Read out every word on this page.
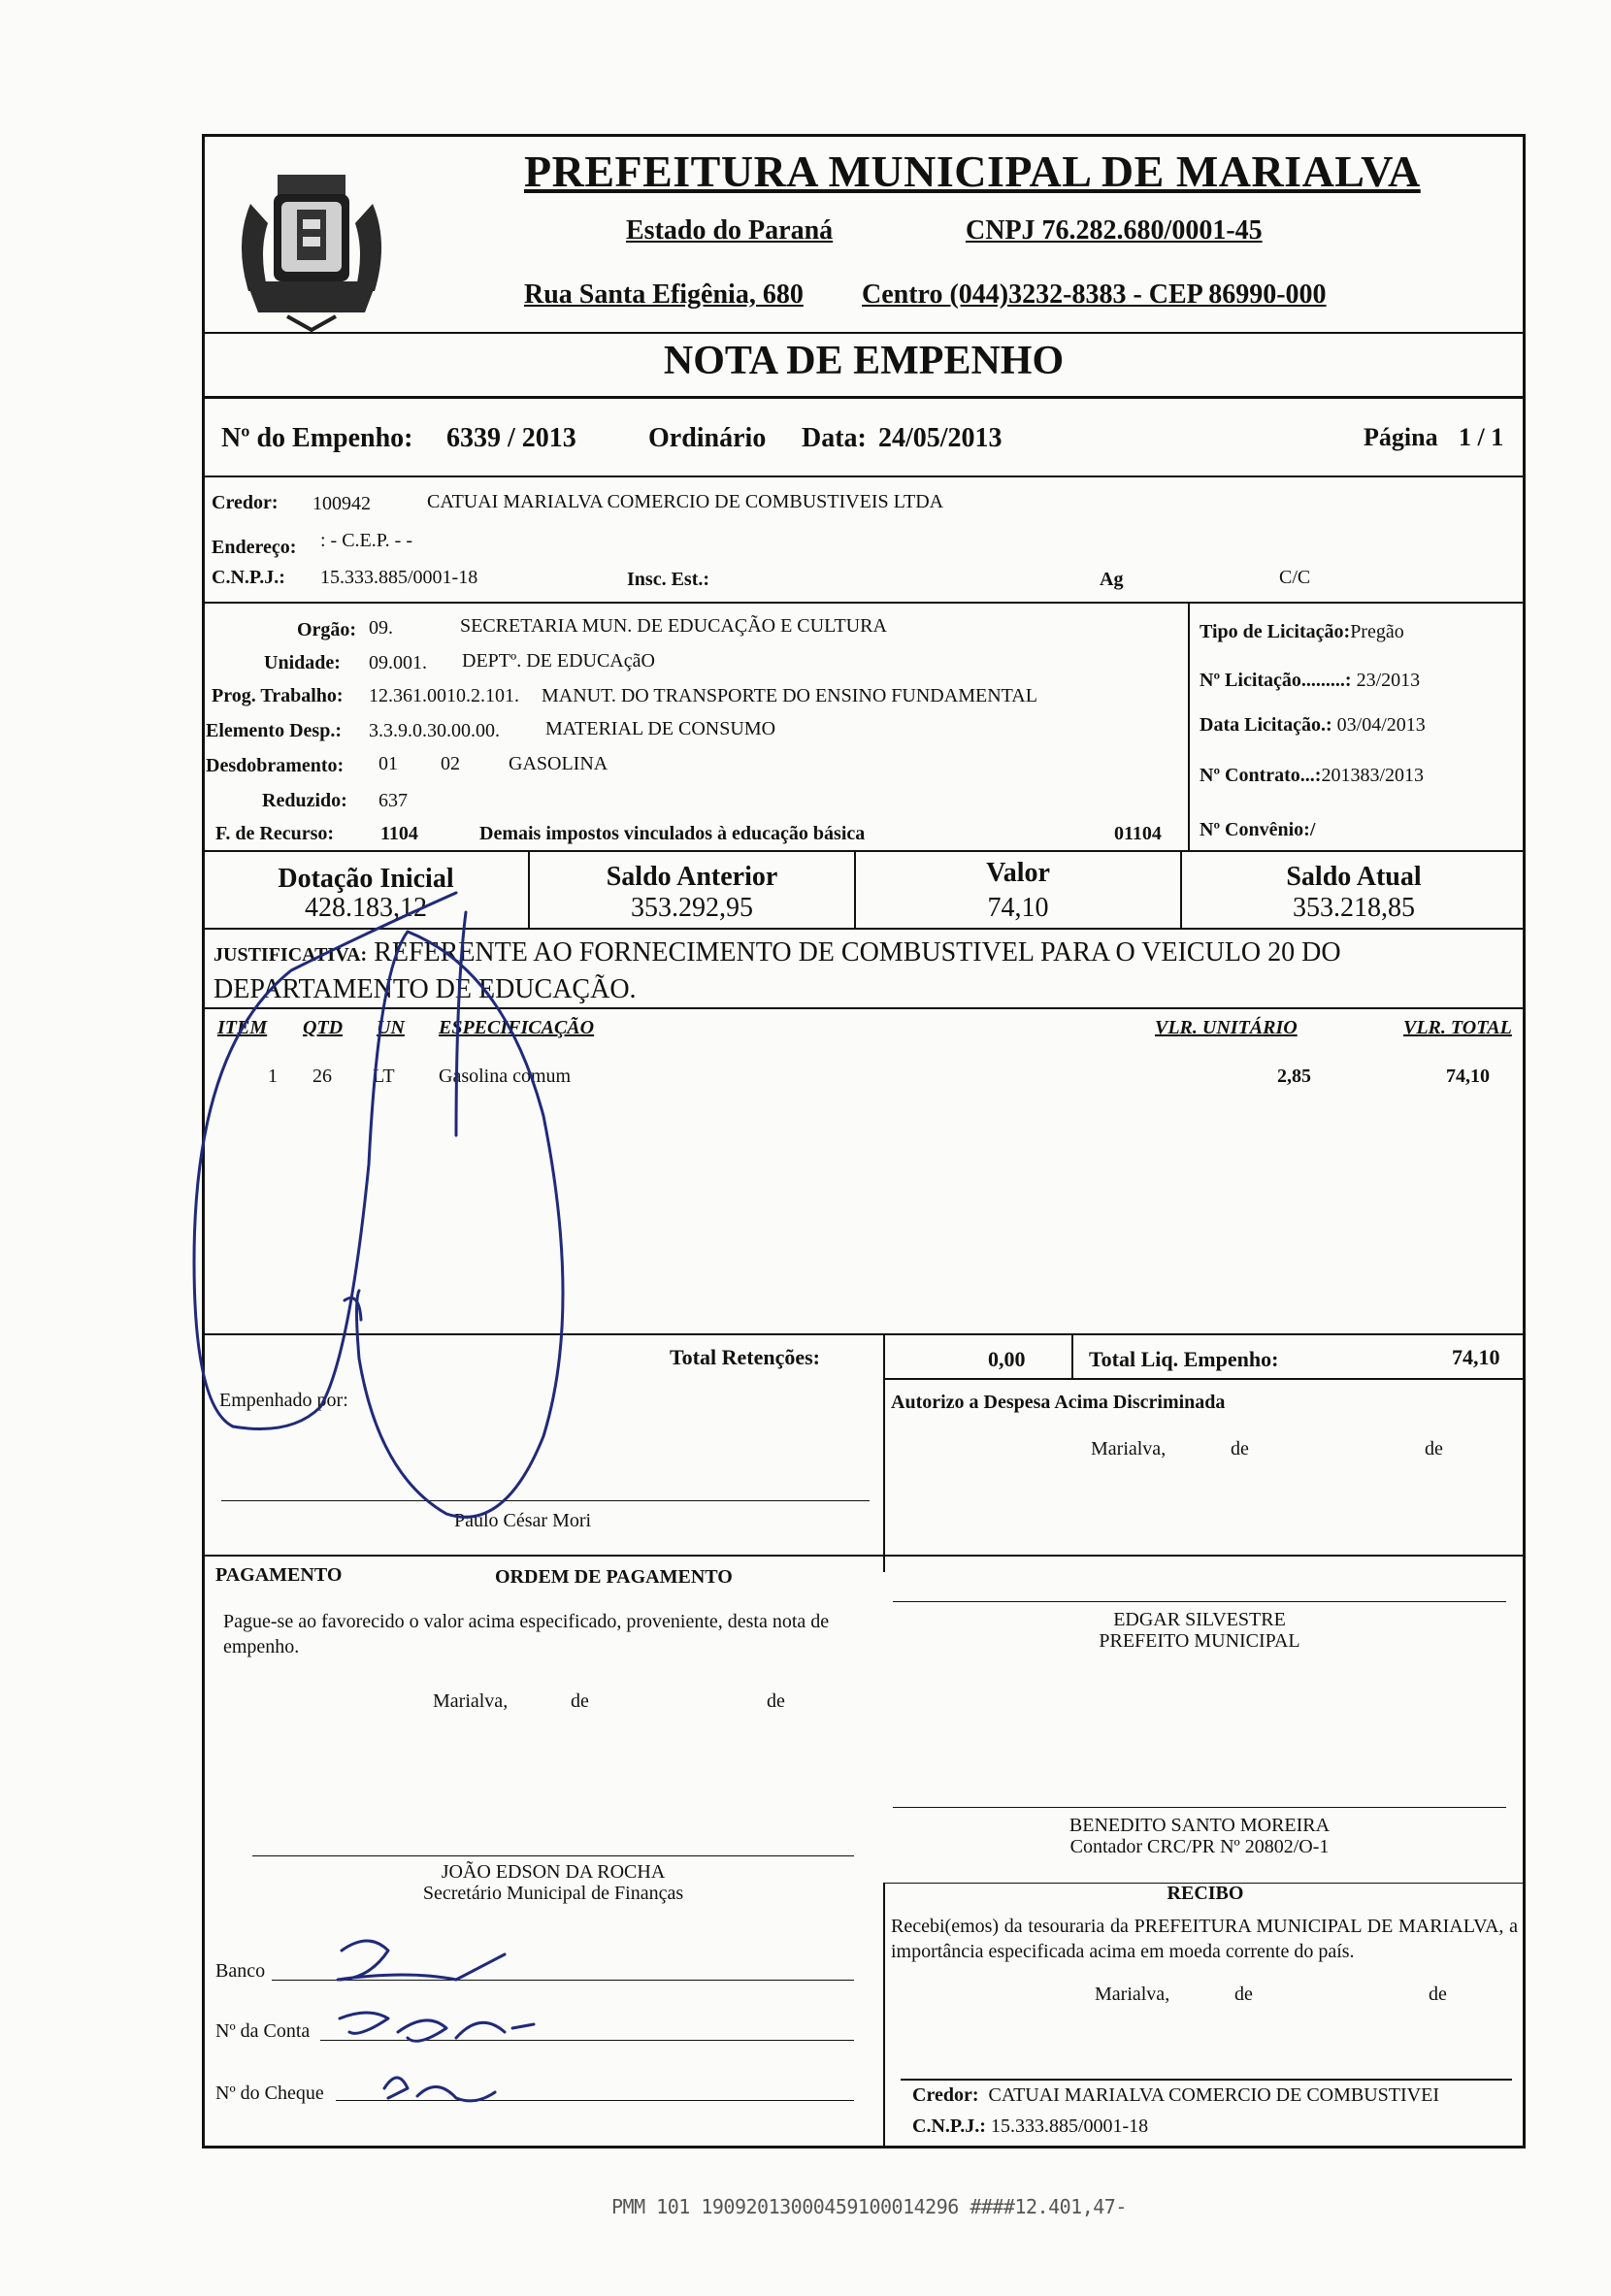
PREFEITURA MUNICIPAL DE MARIALVA
Estado do Paraná	CNPJ 76.282.680/0001-45
Rua Santa Efigênia, 680 Centro (044)3232-8383 - CEP 86990-000
NOTA DE EMPENHO
Nº do Empenho: 6339 / 2013	Ordinário Data: 24/05/2013	Página 1 / 1
Credor: 100942	CATUAI MARIALVA COMERCIO DE COMBUSTIVEIS LTDA
Endereço: : - C.E.P. - -
C.N.P.J.: 15.333.885/0001-18	Insc. Est.:	Ag	C/C
Orgão: 09.	SECRETARIA MUN. DE EDUCAÇÃO E CULTURA
Unidade: 09.001. DEPTº. DE EDUCAçãO
Prog. Trabalho: 12.361.0010.2.101. MANUT. DO TRANSPORTE DO ENSINO FUNDAMENTAL
Elemento Desp.: 3.3.9.0.30.00.00. MATERIAL DE CONSUMO
Desdobramento: 01 02	GASOLINA
Reduzido: 637
F. de Recurso: 1104	Demais impostos vinculados à educação básica	01104
Tipo de Licitação:Pregão
Nº Licitação.........: 23/2013
Data Licitação.: 03/04/2013
Nº Contrato...:201383/2013
Nº Convênio:/
Dotação Inicial
428.183,12
Saldo Anterior
353.292,95
Valor
74,10
Saldo Atual
353.218,85
JUSTIFICATIVA: REFERENTE AO FORNECIMENTO DE COMBUSTIVEL PARA O VEICULO 20 DO DEPARTAMENTO DE EDUCAÇÃO.
ITEM QTD UN ESPECIFICAÇÃO	VLR. UNITÁRIO	VLR. TOTAL
1 26 LT Gasolina comum	2,85	74,10
Total Retenções:	0,00	Total Liq. Empenho:	74,10
Empenhado por:
Paulo César Mori
Autorizo a Despesa Acima Discriminada
Marialva,	de	de
PAGAMENTO	ORDEM DE PAGAMENTO
Pague-se ao favorecido o valor acima especificado, proveniente, desta nota de empenho.
Marialva,	de	de
EDGAR SILVESTRE
PREFEITO MUNICIPAL
BENEDITO SANTO MOREIRA
Contador CRC/PR Nº 20802/O-1
JOÃO EDSON DA ROCHA
Secretário Municipal de Finanças	RECIBO
Recebi(emos) da tesouraria da PREFEITURA MUNICIPAL DE MARIALVA, a importância especificada acima em moeda corrente do país.
Marialva,	de	de
Banco
Nº da Conta
Nº do Cheque	Credor: CATUAI MARIALVA COMERCIO DE COMBUSTIVEI
C.N.P.J.: 15.333.885/0001-18
PMM 101 19092013000459100014296 ####12.401,47-
